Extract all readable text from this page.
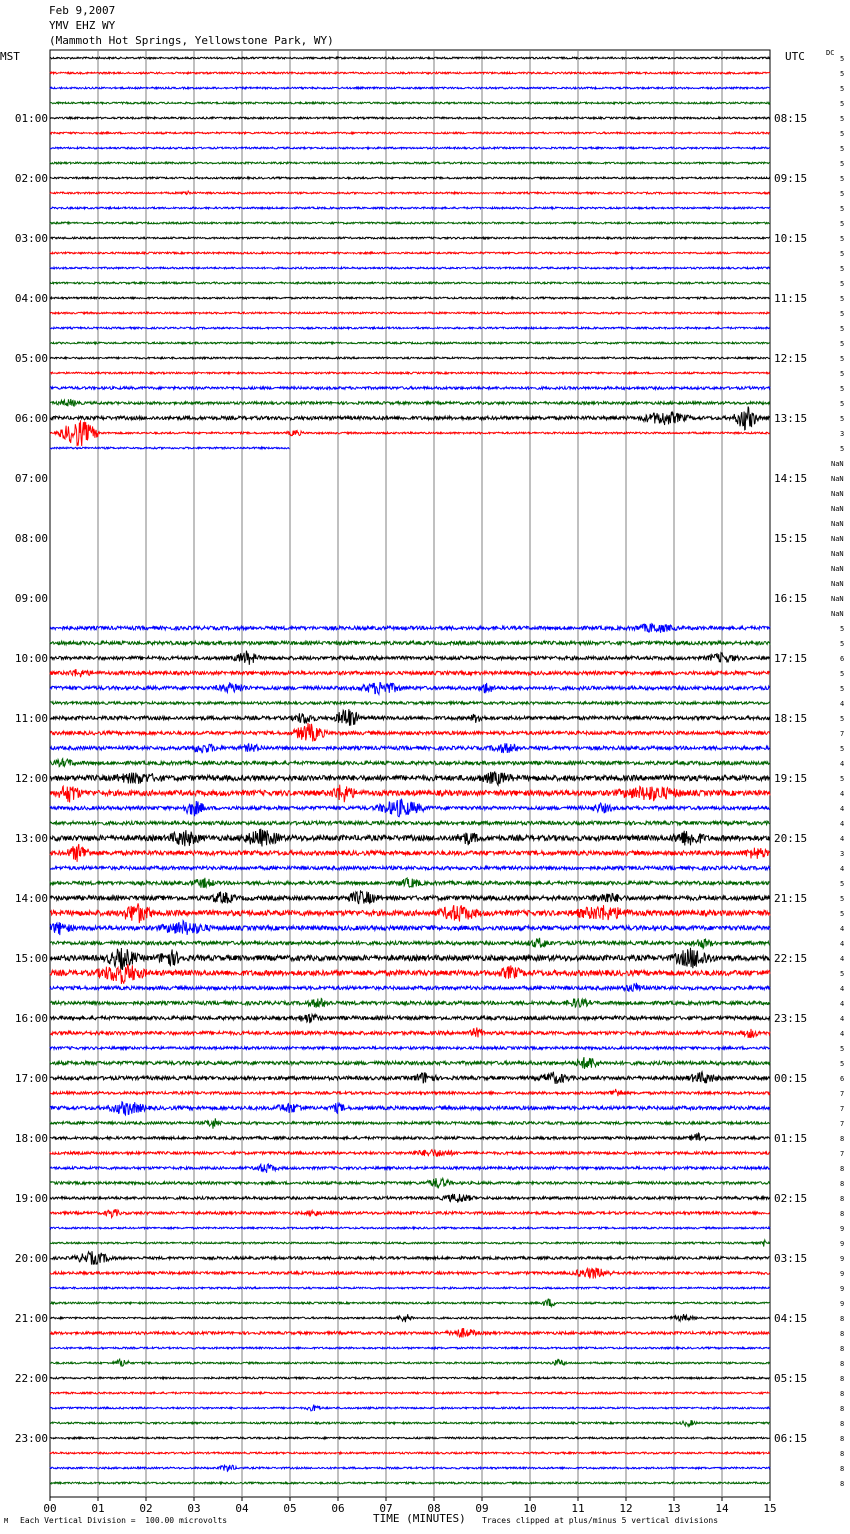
Feb 9,2007
YMV EHZ WY
(Mammoth Hot Springs, Yellowstone Park, WY)
MST	UTC	DC
00	01	02	03	04	05	06	07	08	09	10	11	12	13	14	15
01:00
02:00
03:00
04:00
05:00
06:00
07:00
08:00
09:00
10:00
11:00
12:00
13:00
14:00
15:00
16:00
17:00
18:00
19:00
20:00
21:00
22:00
23:00
08:15
09:15
10:15
11:15
12:15
13:15
14:15
15:15
16:15
17:15
18:15
19:15
20:15
21:15
22:15
23:15
00:15
01:15
02:15
03:15
04:15
05:15
06:15
5
5
5
5
5
5
5
5
5
5
5
5
5
5
5
5
5
5
5
5
5
5
5
5
5
3
5
NaN
NaN
NaN
NaN
NaN
NaN
NaN
NaN
NaN
NaN
NaN
5
5
6
5
5
4
5
7
5
4
5
4
4
4
4
3
4
5
5
5
4
4
4
5
4
4
4
4
5
5
6
7
7
7
8
7
8
8
8
8
9
9
9
9
9
9
8
8
8
8
8
8
8
8
8
8
8
8
M Each Vertical Division =  100.00 microvolts	TIME (MINUTES) Traces clipped at plus/minus 5 vertical divisions
